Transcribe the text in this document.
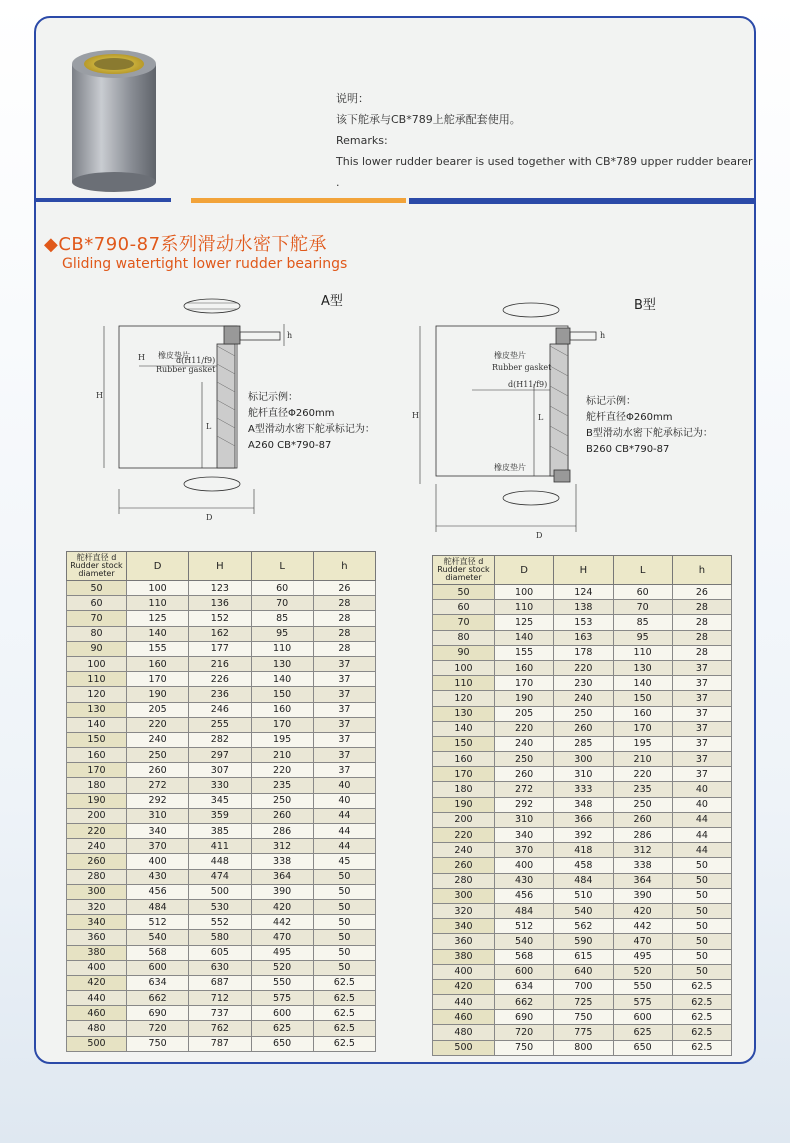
说明：
该下舵承与CB*789上舵承配套使用。
Remarks:
This lower rudder bearer is used together with CB*789 upper rudder bearer .
◆CB*790-87系列滑动水密下舵承
Gliding watertight lower rudder bearings
A型
d(H11/f9)
H
H
L
D
h
橡皮垫片
Rubber gasket
标记示例：
舵杆直径Φ260mm
A型滑动水密下舵承标记为：
A260 CB*790-87
B型
d(H11/f9)
H	L
D
h
橡皮垫片
Rubber gasket
橡皮垫片
标记示例：
舵杆直径Φ260mm
B型滑动水密下舵承标记为：
B260 CB*790-87
舵杆直径 d
Rudder stock diameter	D	H	L	h
50	100	123	60	26
60	110	136	70	28
70	125	152	85	28
80	140	162	95	28
90	155	177	110	28
100	160	216	130	37
110	170	226	140	37
120	190	236	150	37
130	205	246	160	37
140	220	255	170	37
150	240	282	195	37
160	250	297	210	37
170	260	307	220	37
180	272	330	235	40
190	292	345	250	40
200	310	359	260	44
220	340	385	286	44
240	370	411	312	44
260	400	448	338	45
280	430	474	364	50
300	456	500	390	50
320	484	530	420	50
340	512	552	442	50
360	540	580	470	50
380	568	605	495	50
400	600	630	520	50
420	634	687	550	62.5
440	662	712	575	62.5
460	690	737	600	62.5
480	720	762	625	62.5
500	750	787	650	62.5
舵杆直径 d
Rudder stock diameter	D	H	L	h
50	100	124	60	26
60	110	138	70	28
70	125	153	85	28
80	140	163	95	28
90	155	178	110	28
100	160	220	130	37
110	170	230	140	37
120	190	240	150	37
130	205	250	160	37
140	220	260	170	37
150	240	285	195	37
160	250	300	210	37
170	260	310	220	37
180	272	333	235	40
190	292	348	250	40
200	310	366	260	44
220	340	392	286	44
240	370	418	312	44
260	400	458	338	50
280	430	484	364	50
300	456	510	390	50
320	484	540	420	50
340	512	562	442	50
360	540	590	470	50
380	568	615	495	50
400	600	640	520	50
420	634	700	550	62.5
440	662	725	575	62.5
460	690	750	600	62.5
480	720	775	625	62.5
500	750	800	650	62.5
